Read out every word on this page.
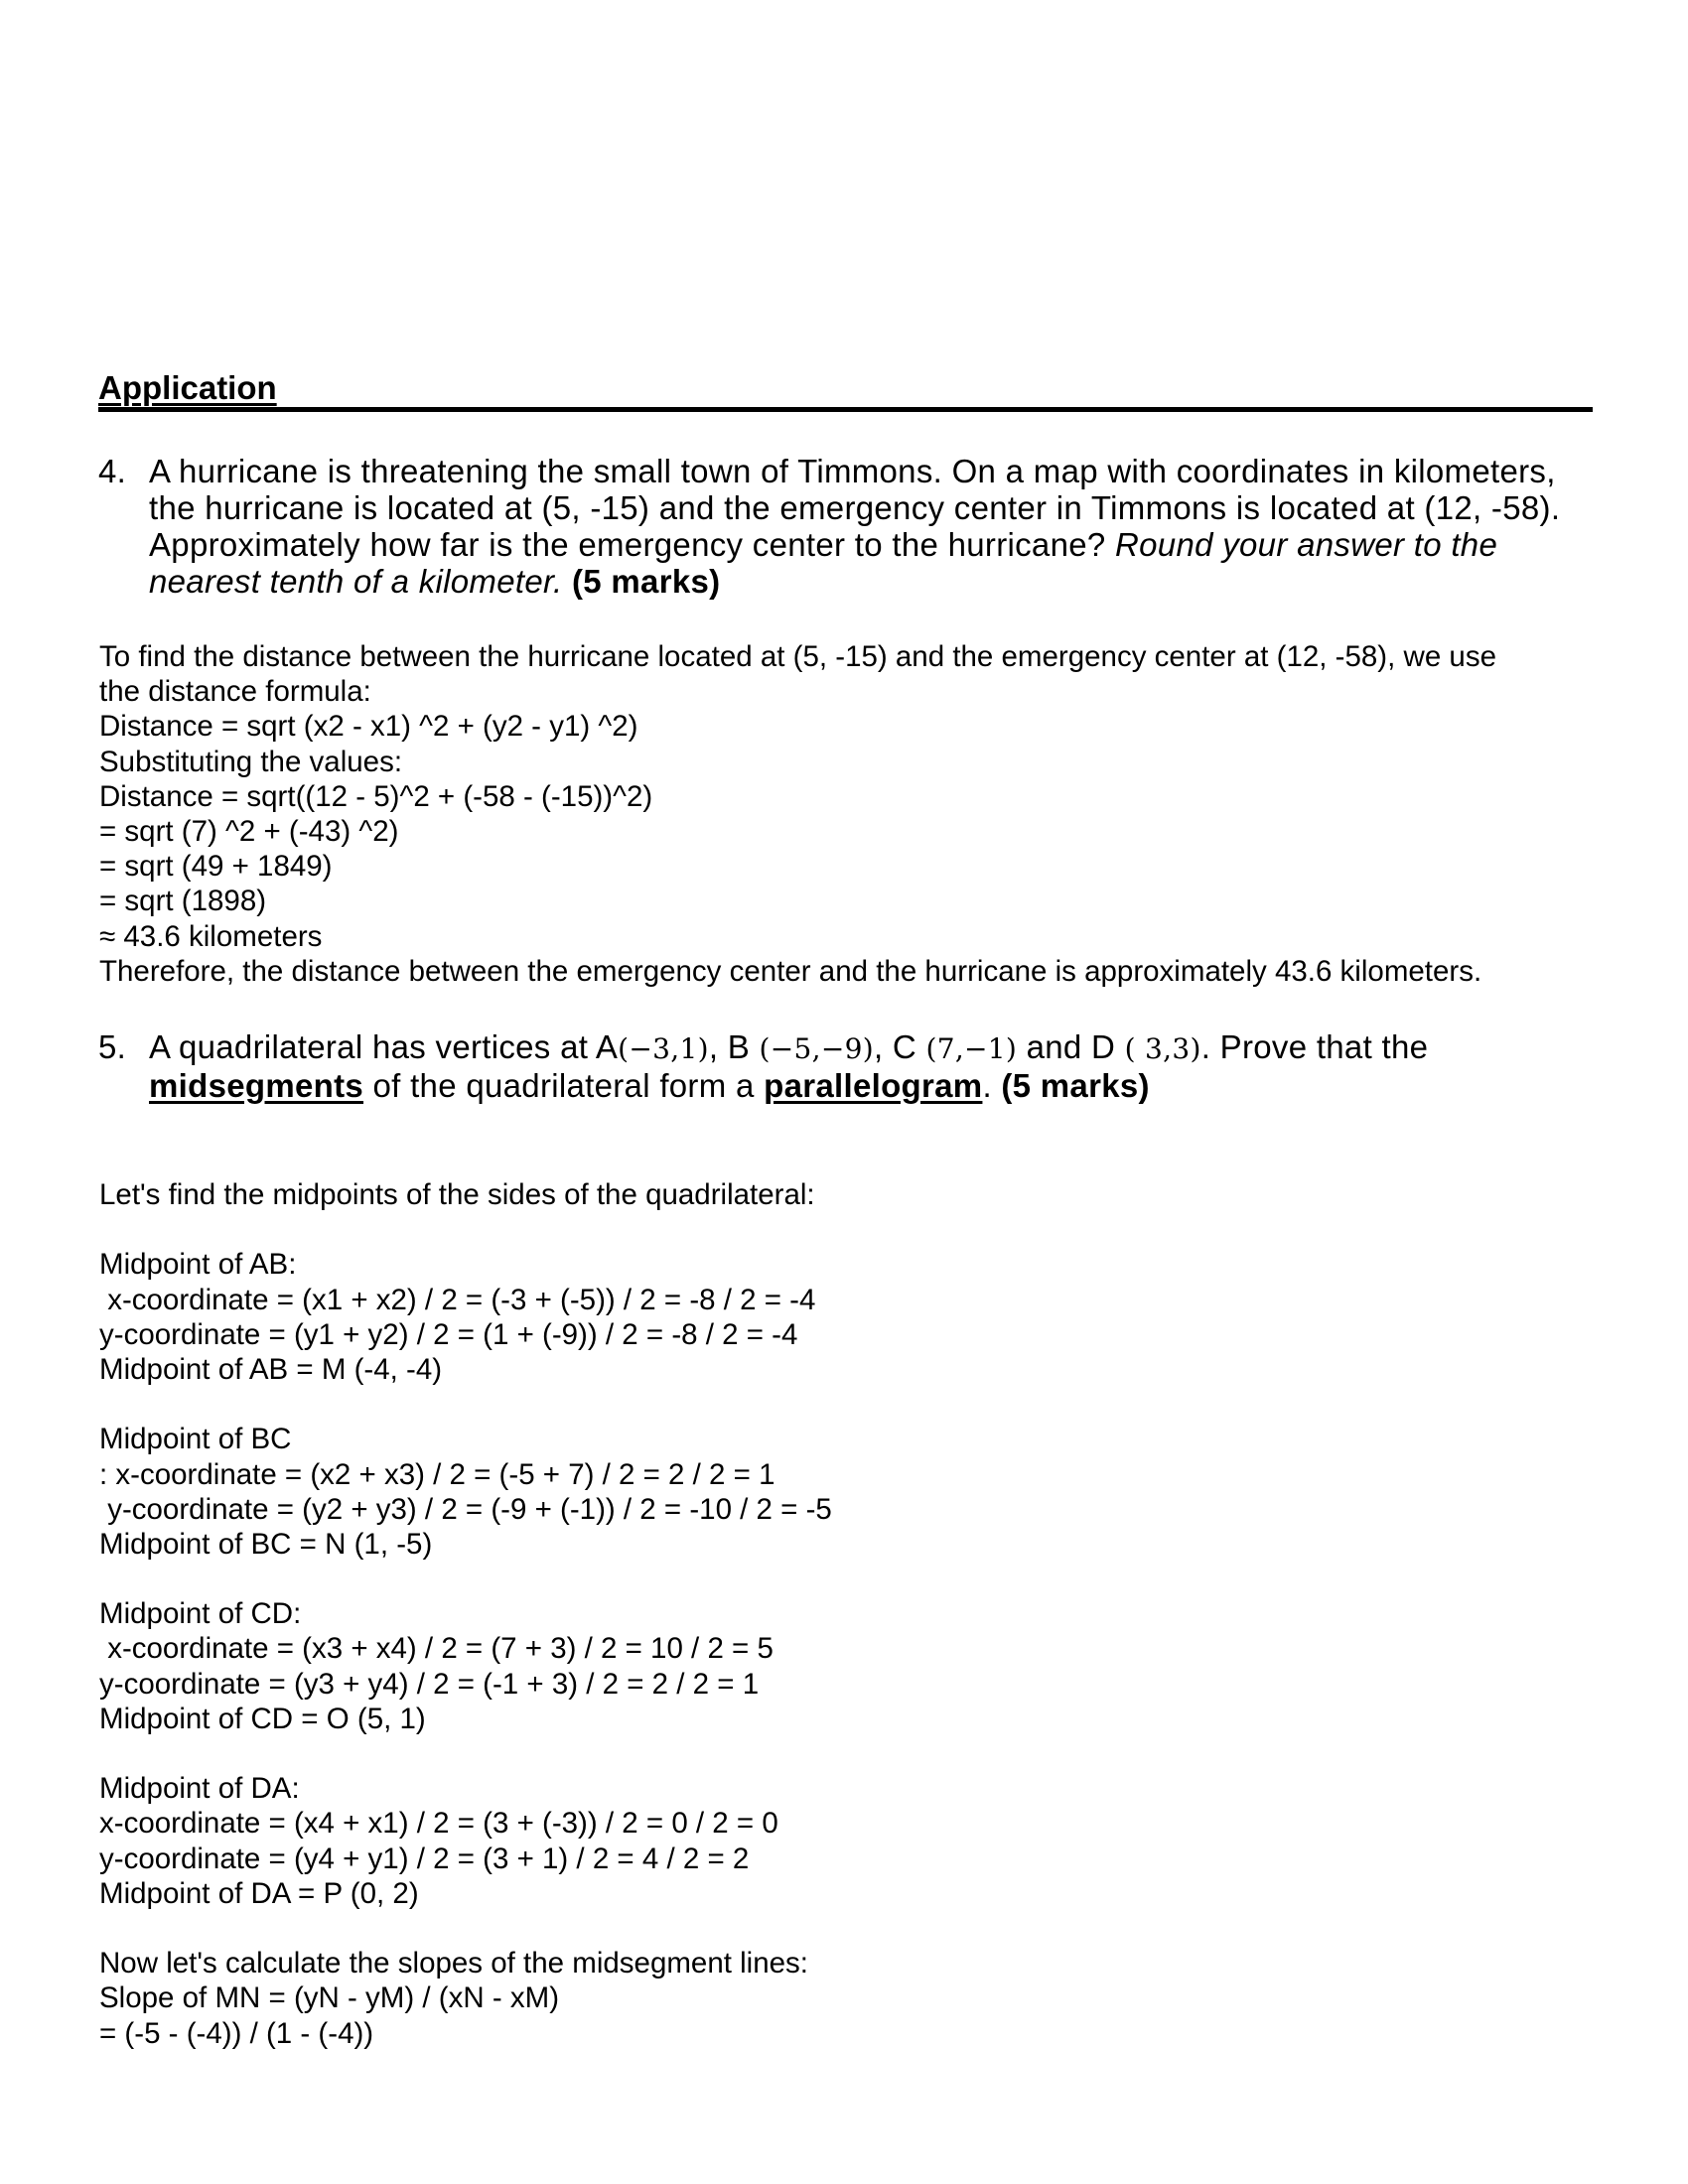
Application
4. A hurricane is threatening the small town of Timmons. On a map with coordinates in kilometers, the hurricane is located at (5, -15) and the emergency center in Timmons is located at (12, -58). Approximately how far is the emergency center to the hurricane? Round your answer to the nearest tenth of a kilometer. (5 marks)
To find the distance between the hurricane located at (5, -15) and the emergency center at (12, -58), we use
the distance formula:
Distance = sqrt (x2 - x1) ^2 + (y2 - y1) ^2)
Substituting the values:
Distance = sqrt((12 - 5)^2 + (-58 - (-15))^2)
= sqrt (7) ^2 + (-43) ^2)
= sqrt (49 + 1849)
= sqrt (1898)
≈ 43.6 kilometers
Therefore, the distance between the emergency center and the hurricane is approximately 43.6 kilometers.
5. A quadrilateral has vertices at A(−3,1), B (−5,−9), C (7,−1) and D ( 3,3). Prove that the
midsegments of the quadrilateral form a parallelogram. (5 marks)
Let's find the midpoints of the sides of the quadrilateral:
Midpoint of AB:
x-coordinate = (x1 + x2) / 2 = (-3 + (-5)) / 2 = -8 / 2 = -4
y-coordinate = (y1 + y2) / 2 = (1 + (-9)) / 2 = -8 / 2 = -4
Midpoint of AB = M (-4, -4)
Midpoint of BC
: x-coordinate = (x2 + x3) / 2 = (-5 + 7) / 2 = 2 / 2 = 1
y-coordinate = (y2 + y3) / 2 = (-9 + (-1)) / 2 = -10 / 2 = -5
Midpoint of BC = N (1, -5)
Midpoint of CD:
x-coordinate = (x3 + x4) / 2 = (7 + 3) / 2 = 10 / 2 = 5
y-coordinate = (y3 + y4) / 2 = (-1 + 3) / 2 = 2 / 2 = 1
Midpoint of CD = O (5, 1)
Midpoint of DA:
x-coordinate = (x4 + x1) / 2 = (3 + (-3)) / 2 = 0 / 2 = 0
y-coordinate = (y4 + y1) / 2 = (3 + 1) / 2 = 4 / 2 = 2
Midpoint of DA = P (0, 2)
Now let's calculate the slopes of the midsegment lines:
Slope of MN = (yN - yM) / (xN - xM)
= (-5 - (-4)) / (1 - (-4))
